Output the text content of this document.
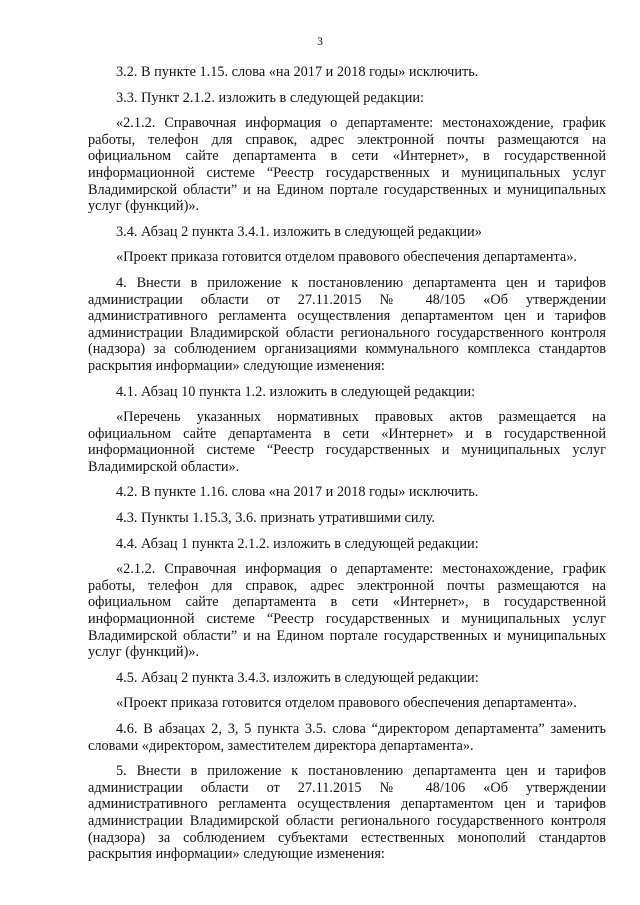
3

3.2. В пункте 1.15. слова «на 2017 и 2018 годы» исключить.

3.3. Пункт 2.1.2. изложить в следующей редакции:

«2.1.2. Справочная информация о департаменте: местонахождение, график работы, телефон для справок, адрес электронной почты размещаются на официальном сайте департамента в сети «Интернет», в государственной информационной системе “Реестр государственных и муниципальных услуг Владимирской области” и на Едином портале государственных и муниципальных услуг (функций)».

3.4. Абзац 2 пункта 3.4.1. изложить в следующей редакции»

«Проект приказа готовится отделом правового обеспечения департамента».

4. Внести в приложение к постановлению департамента цен и тарифов администрации области от 27.11.2015 № 48/105 «Об утверждении административного регламента осуществления департаментом цен и тарифов администрации Владимирской области регионального государственного контроля (надзора) за соблюдением организациями коммунального комплекса стандартов раскрытия информации» следующие изменения:

4.1. Абзац 10 пункта 1.2. изложить в следующей редакции:

«Перечень указанных нормативных правовых актов размещается на официальном сайте департамента в сети «Интернет» и в государственной информационной системе “Реестр государственных и муниципальных услуг Владимирской области».

4.2. В пункте 1.16. слова «на 2017 и 2018 годы» исключить.

4.3. Пункты 1.15.3, 3.6. признать утратившими силу.

4.4. Абзац 1 пункта 2.1.2. изложить в следующей редакции:

«2.1.2. Справочная информация о департаменте: местонахождение, график работы, телефон для справок, адрес электронной почты размещаются на официальном сайте департамента в сети «Интернет», в государственной информационной системе “Реестр государственных и муниципальных услуг Владимирской области” и на Едином портале государственных и муниципальных услуг (функций)».

4.5. Абзац 2 пункта 3.4.3. изложить в следующей редакции:

«Проект приказа готовится отделом правового обеспечения департамента».

4.6. В абзацах 2, 3, 5 пункта 3.5. слова “директором департамента” заменить словами «директором, заместителем директора департамента».

5. Внести в приложение к постановлению департамента цен и тарифов администрации области от 27.11.2015 № 48/106 «Об утверждении административного регламента осуществления департаментом цен и тарифов администрации Владимирской области регионального государственного контроля (надзора) за соблюдением субъектами естественных монополий стандартов раскрытия информации» следующие изменения:
